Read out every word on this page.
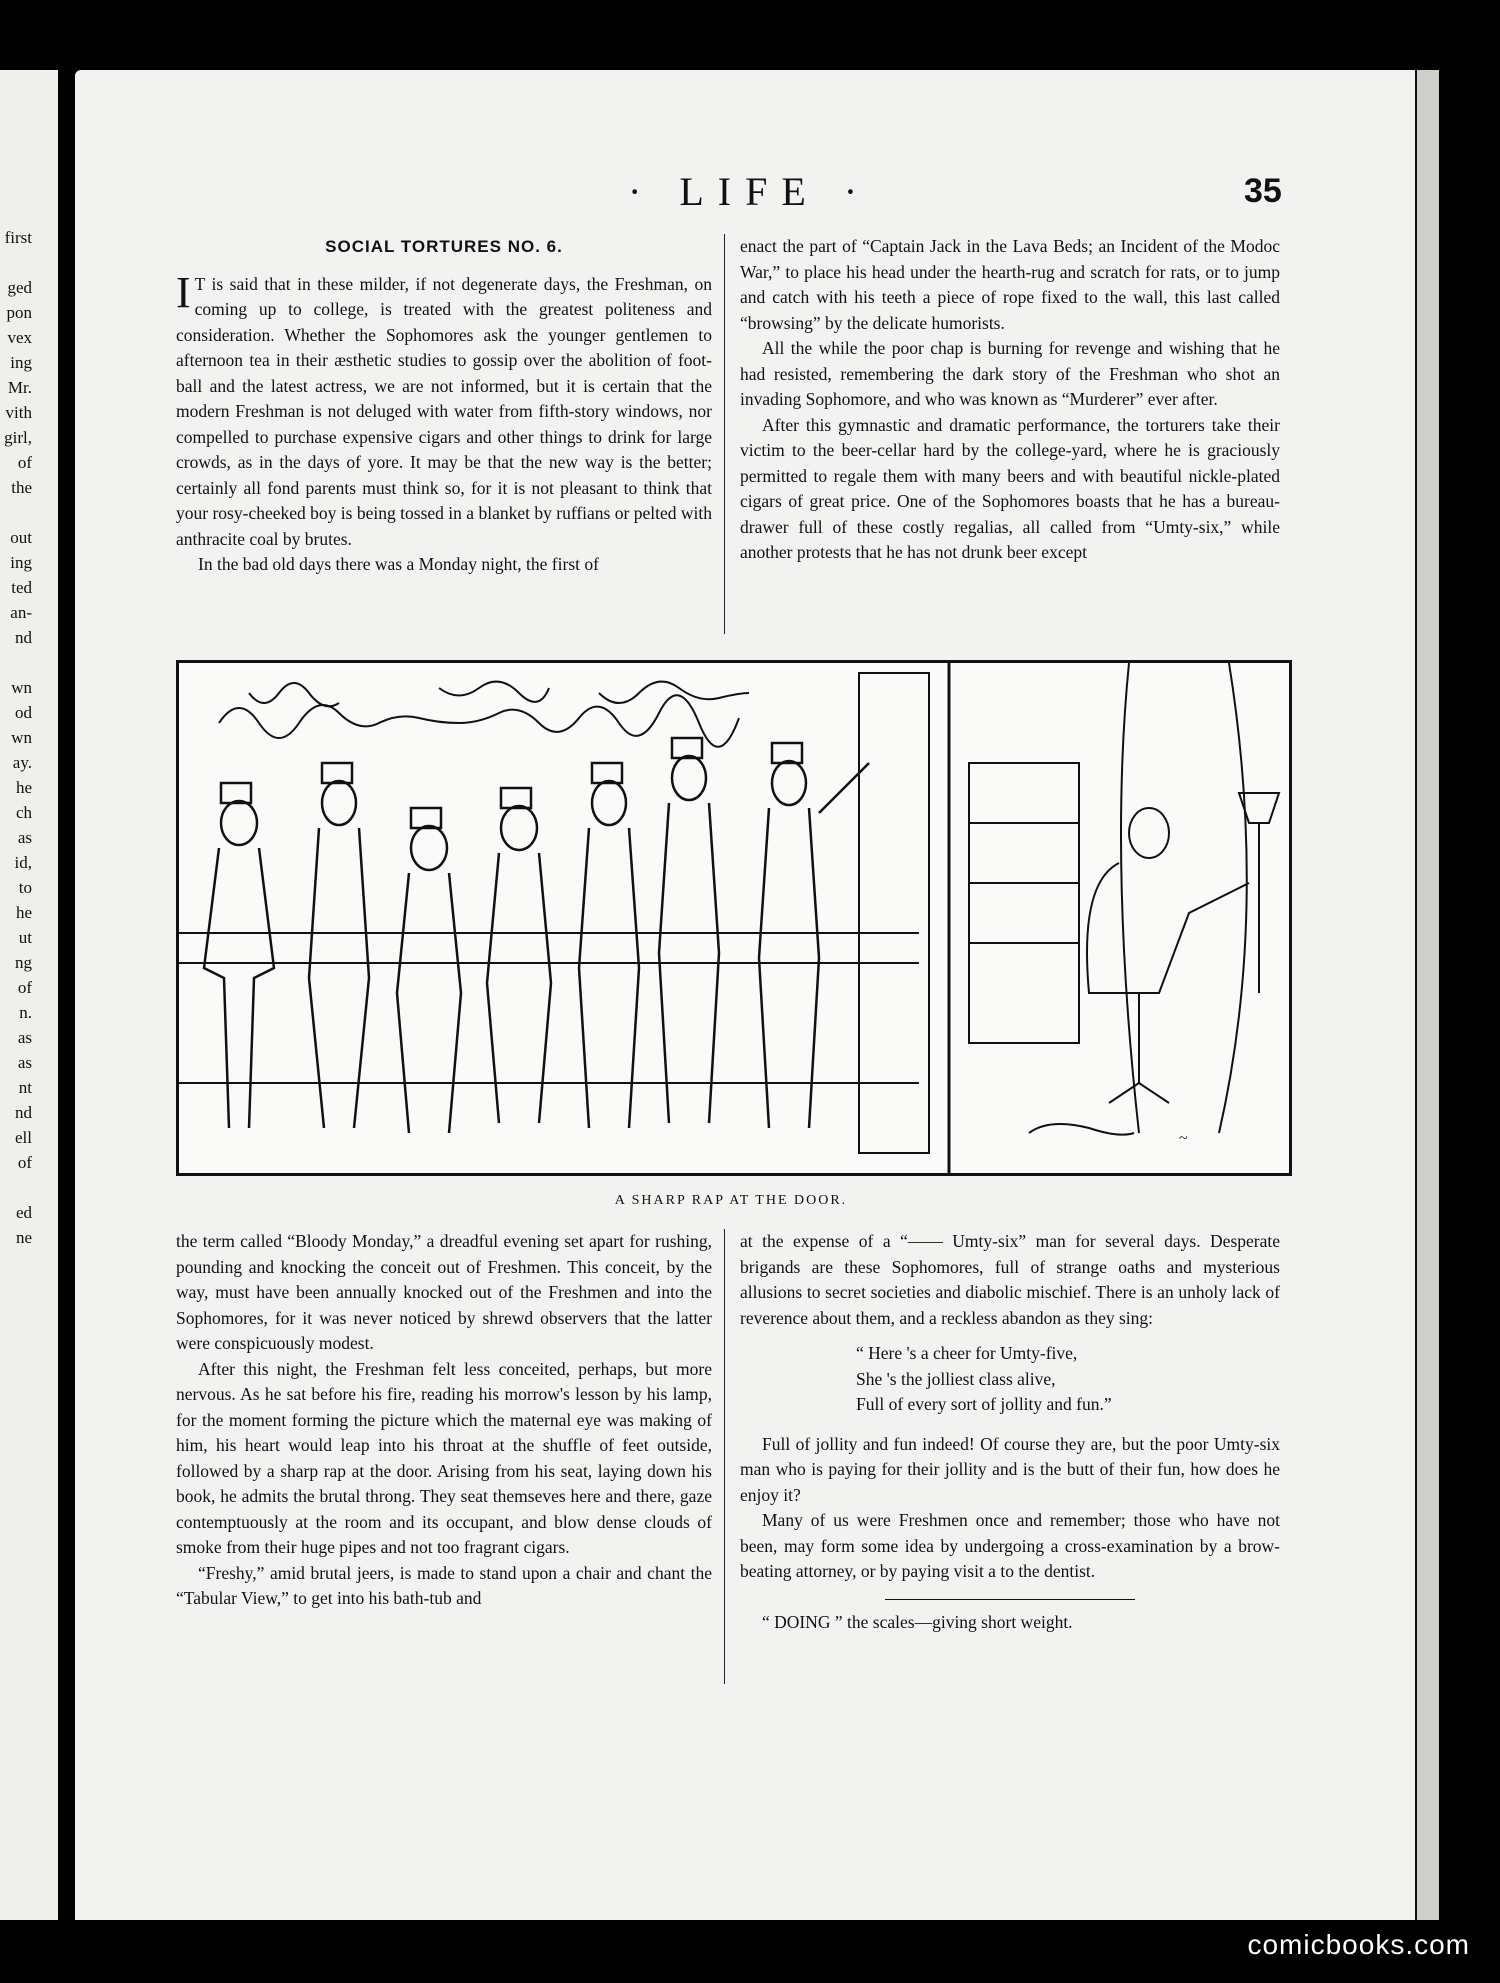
first

ged
pon
vex
ing
Mr.
vith
girl,
of
the

out
ing
ted
an-
nd

wn
od
wn
ay.
he
ch
as
id,
to
he
ut
ng
of
n.
as
as
nt
nd
ell
of

ed
ne
· LIFE ·	35
SOCIAL TORTURES NO. 6.

I T is said that in these milder, if not degenerate days, the Freshman, on coming up to college, is treated with the greatest politeness and consideration. Whether the Sophomores ask the younger gentlemen to afternoon tea in their æsthetic studies to gossip over the abolition of foot-ball and the latest actress, we are not informed, but it is certain that the modern Freshman is not deluged with water from fifth-story windows, nor compelled to purchase expensive cigars and other things to drink for large crowds, as in the days of yore. It may be that the new way is the better; certainly all fond parents must think so, for it is not pleasant to think that your rosy-cheeked boy is being tossed in a blanket by ruffians or pelted with anthracite coal by brutes.

In the bad old days there was a Monday night, the first of

enact the part of “Captain Jack in the Lava Beds; an Incident of the Modoc War,” to place his head under the hearth-rug and scratch for rats, or to jump and catch with his teeth a piece of rope fixed to the wall, this last called “browsing” by the delicate humorists.

All the while the poor chap is burning for revenge and wishing that he had resisted, remembering the dark story of the Freshman who shot an invading Sophomore, and who was known as “Murderer” ever after.

After this gymnastic and dramatic performance, the torturers take their victim to the beer-cellar hard by the college-yard, where he is graciously permitted to regale them with many beers and with beautiful nickle-plated cigars of great price. One of the Sophomores boasts that he has a bureau-drawer full of these costly regalias, all called from “Umty-six,” while another protests that he has not drunk beer except

~
A SHARP RAP AT THE DOOR.

the term called “Bloody Monday,” a dreadful evening set apart for rushing, pounding and knocking the conceit out of Freshmen. This conceit, by the way, must have been annually knocked out of the Freshmen and into the Sophomores, for it was never noticed by shrewd observers that the latter were conspicuously modest.

After this night, the Freshman felt less conceited, perhaps, but more nervous. As he sat before his fire, reading his morrow's lesson by his lamp, for the moment forming the picture which the maternal eye was making of him, his heart would leap into his throat at the shuffle of feet outside, followed by a sharp rap at the door. Arising from his seat, laying down his book, he admits the brutal throng. They seat themseves here and there, gaze contemptuously at the room and its occupant, and blow dense clouds of smoke from their huge pipes and not too fragrant cigars.

“Freshy,” amid brutal jeers, is made to stand upon a chair and chant the “Tabular View,” to get into his bath-tub and

at the expense of a “—— Umty-six” man for several days. Desperate brigands are these Sophomores, full of strange oaths and mysterious allusions to secret societies and diabolic mischief. There is an unholy lack of reverence about them, and a reckless abandon as they sing:

“ Here 's a cheer for Umty-five,
She 's the jolliest class alive,
Full of every sort of jollity and fun.”

Full of jollity and fun indeed! Of course they are, but the poor Umty-six man who is paying for their jollity and is the butt of their fun, how does he enjoy it?

Many of us were Freshmen once and remember; those who have not been, may form some idea by undergoing a cross-examination by a brow-beating attorney, or by paying visit a to the dentist.

“ DOING ” the scales—giving short weight.

comicbooks.com
